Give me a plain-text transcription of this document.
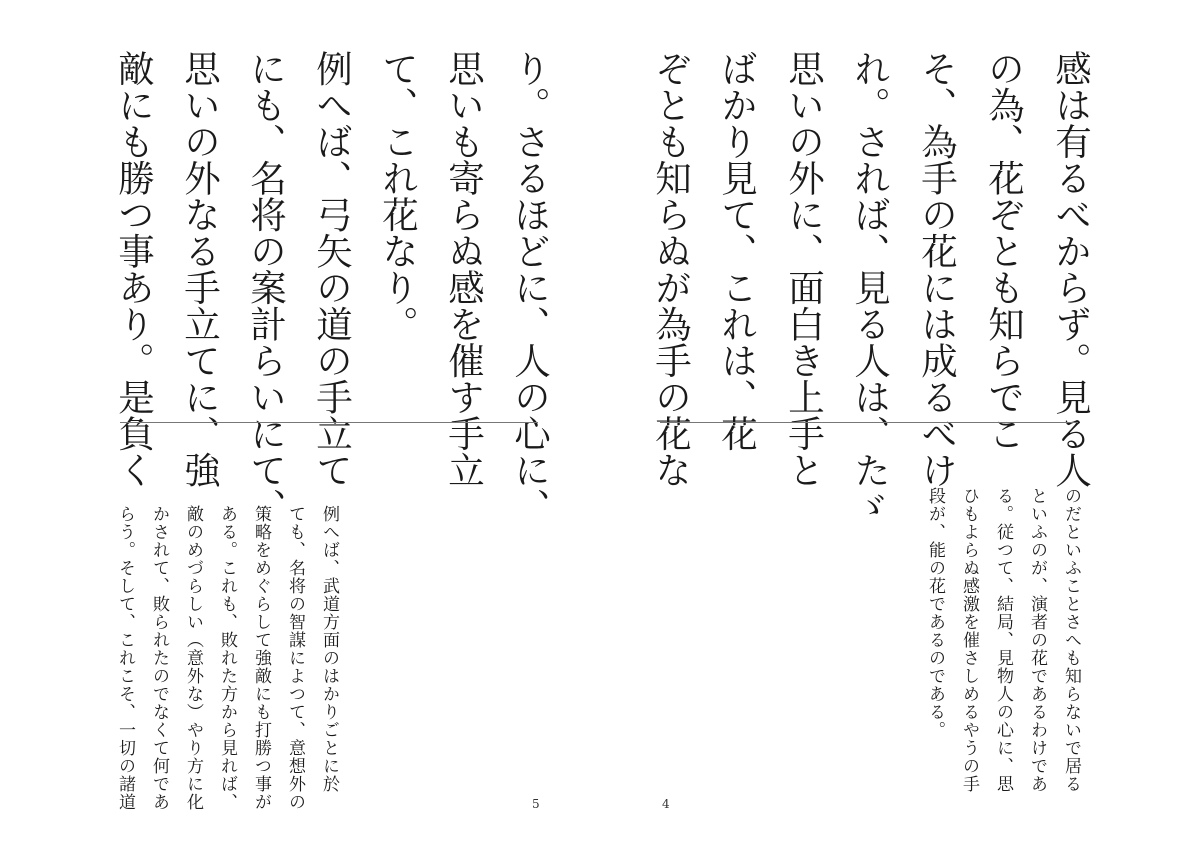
感は有るべからず。見る人

の為、花ぞとも知らでこ

そ、為手の花には成るべけ

れ。されば、見る人は、たゞ

思いの外に、面白き上手と

ばかり見て、これは、花

ぞとも知らぬが為手の花な

のだといふことさへも知らないで居る

といふのが、演者の花であるわけであ

る。従つて、結局、見物人の心に、思

ひもよらぬ感激を催さしめるやうの手

段が、能の花であるのである。

4

り。さるほどに、人の心に、

思いも寄らぬ感を催す手立

て、これ花なり。

例へば、弓矢の道の手立て

にも、名将の案計らいにて、

思いの外なる手立てに、強

敵にも勝つ事あり。是負く

例へば、武道方面のはかりごとに於

ても、名将の智謀によつて、意想外の

策略をめぐらして強敵にも打勝つ事が

ある。これも、敗れた方から見れば、

敵のめづらしい（意外な）やり方に化

かされて、敗られたのでなくて何であ

らう。そして、これこそ、一切の諸道	5
